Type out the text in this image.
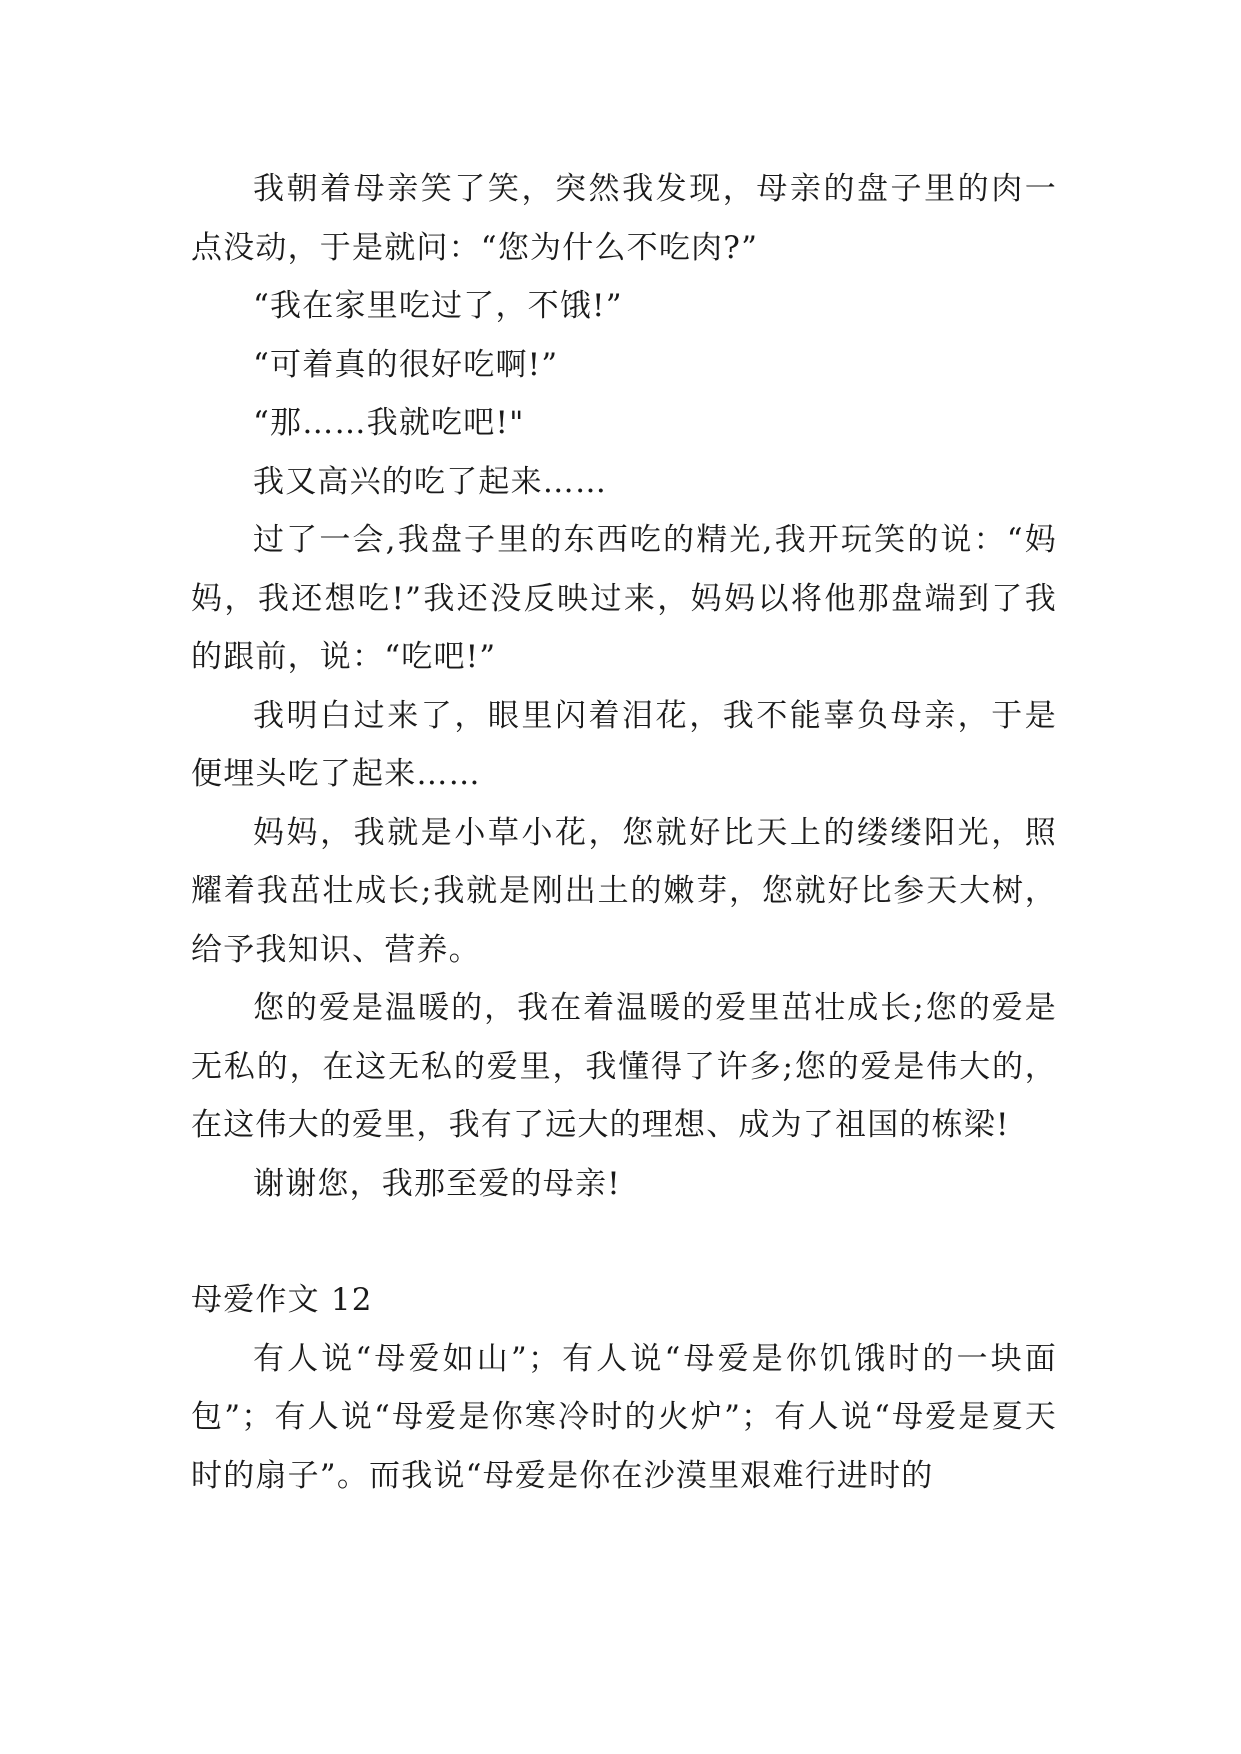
我朝着母亲笑了笑，突然我发现，母亲的盘子里的肉一点没动，于是就问：“您为什么不吃肉?”

“我在家里吃过了，不饿!”

“可着真的很好吃啊!”

“那……我就吃吧!"

我又高兴的吃了起来……

过了一会,我盘子里的东西吃的精光,我开玩笑的说：“妈妈，我还想吃!”我还没反映过来，妈妈以将他那盘端到了我的跟前，说：“吃吧!”

我明白过来了，眼里闪着泪花，我不能辜负母亲，于是便埋头吃了起来……

妈妈，我就是小草小花，您就好比天上的缕缕阳光，照耀着我茁壮成长;我就是刚出土的嫩芽，您就好比参天大树，给予我知识、营养。

您的爱是温暖的，我在着温暖的爱里茁壮成长;您的爱是无私的，在这无私的爱里，我懂得了许多;您的爱是伟大的，在这伟大的爱里，我有了远大的理想、成为了祖国的栋梁!

谢谢您，我那至爱的母亲!

母爱作文 12

有人说“母爱如山”；有人说“母爱是你饥饿时的一块面包”；有人说“母爱是你寒冷时的火炉”；有人说“母爱是夏天时的扇子”。而我说“母爱是你在沙漠里艰难行进时的
